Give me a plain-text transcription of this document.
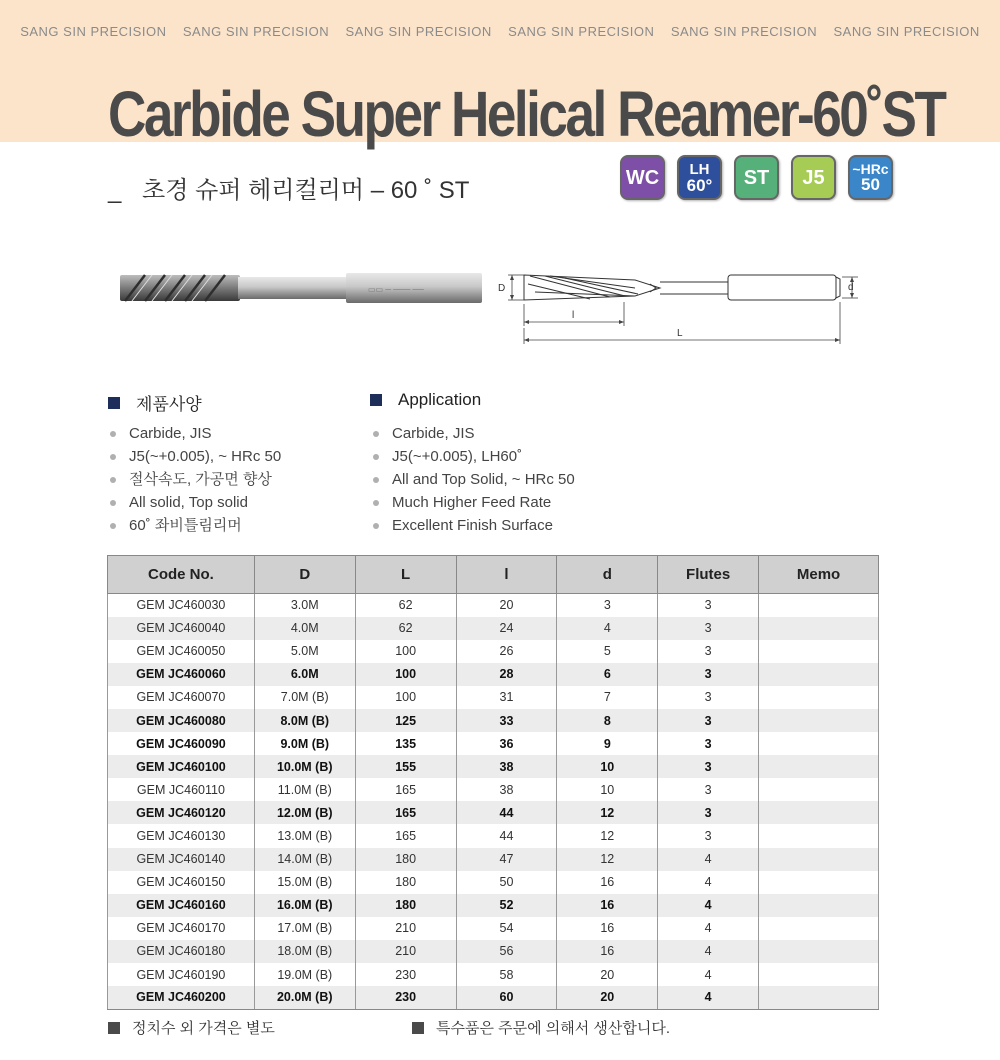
SANG SIN PRECISION SANG SIN PRECISION SANG SIN PRECISION SANG SIN PRECISION SANG SIN PRECISION SANG SIN PRECISION
Carbide Super Helical Reamer-60˚ST
_ 초경 슈퍼 헤리컬리머 – 60 ˚ ST	WC LH
60° ST J5 ~HRc
50
▭▭ ─ ─── ──	D
l
L
d
제품사양
Carbide, JIS
J5(~+0.005), ~ HRc 50
절삭속도, 가공면 향상
All solid, Top solid
60˚ 좌비틀림리머
Application
Carbide, JIS
J5(~+0.005), LH60˚
All and Top Solid, ~ HRc 50
Much Higher Feed Rate
Excellent Finish Surface
Code No.	D	L	l	d	Flutes	Memo
GEM JC460030	3.0M	62	20	3	3	
GEM JC460040	4.0M	62	24	4	3	
GEM JC460050	5.0M	100	26	5	3	
GEM JC460060	6.0M	100	28	6	3	
GEM JC460070	7.0M (B)	100	31	7	3	
GEM JC460080	8.0M (B)	125	33	8	3	
GEM JC460090	9.0M (B)	135	36	9	3	
GEM JC460100	10.0M (B)	155	38	10	3	
GEM JC460110	11.0M (B)	165	38	10	3	
GEM JC460120	12.0M (B)	165	44	12	3	
GEM JC460130	13.0M (B)	165	44	12	3	
GEM JC460140	14.0M (B)	180	47	12	4	
GEM JC460150	15.0M (B)	180	50	16	4	
GEM JC460160	16.0M (B)	180	52	16	4	
GEM JC460170	17.0M (B)	210	54	16	4	
GEM JC460180	18.0M (B)	210	56	16	4	
GEM JC460190	19.0M (B)	230	58	20	4	
GEM JC460200	20.0M (B)	230	60	20	4	
정치수 외 가격은 별도	특수품은 주문에 의해서 생산합니다.
